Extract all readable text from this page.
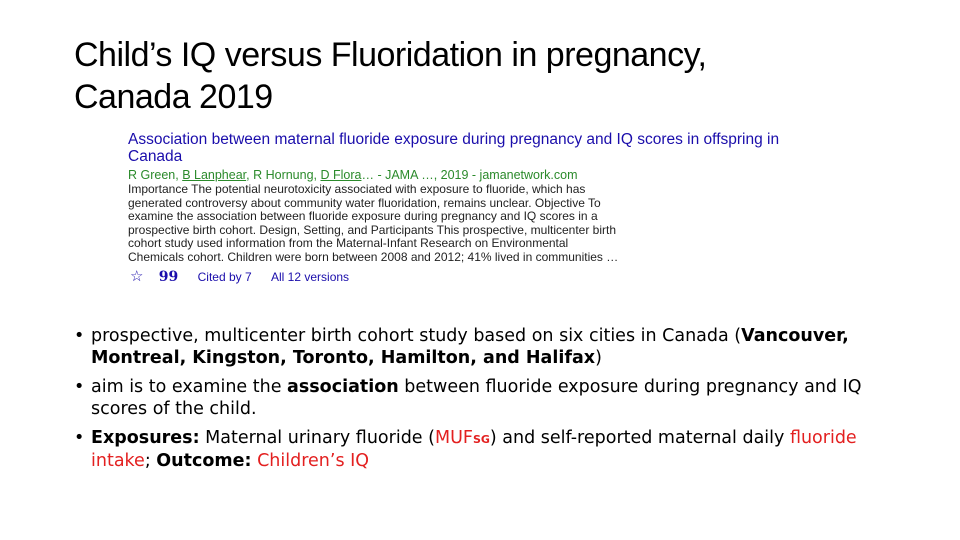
Child’s IQ versus Fluoridation in pregnancy,
Canada 2019
Association between maternal fluoride exposure during pregnancy and IQ scores in offspring in Canada
R Green, B Lanphear, R Hornung, D Flora… - JAMA …, 2019 - jamanetwork.com
Importance The potential neurotoxicity associated with exposure to fluoride, which has
generated controversy about community water fluoridation, remains unclear. Objective To
examine the association between fluoride exposure during pregnancy and IQ scores in a
prospective birth cohort. Design, Setting, and Participants This prospective, multicenter birth
cohort study used information from the Maternal-Infant Research on Environmental
Chemicals cohort. Children were born between 2008 and 2012; 41% lived in communities …
☆ 99 Cited by 7 All 12 versions
• prospective, multicenter birth cohort study based on six cities in Canada (Vancouver, Montreal, Kingston, Toronto, Hamilton, and Halifax)
• aim is to examine the association between fluoride exposure during pregnancy and IQ scores of the child.
• Exposures: Maternal urinary fluoride (MUFSG) and self-reported maternal daily fluoride intake; Outcome: Children’s IQ
